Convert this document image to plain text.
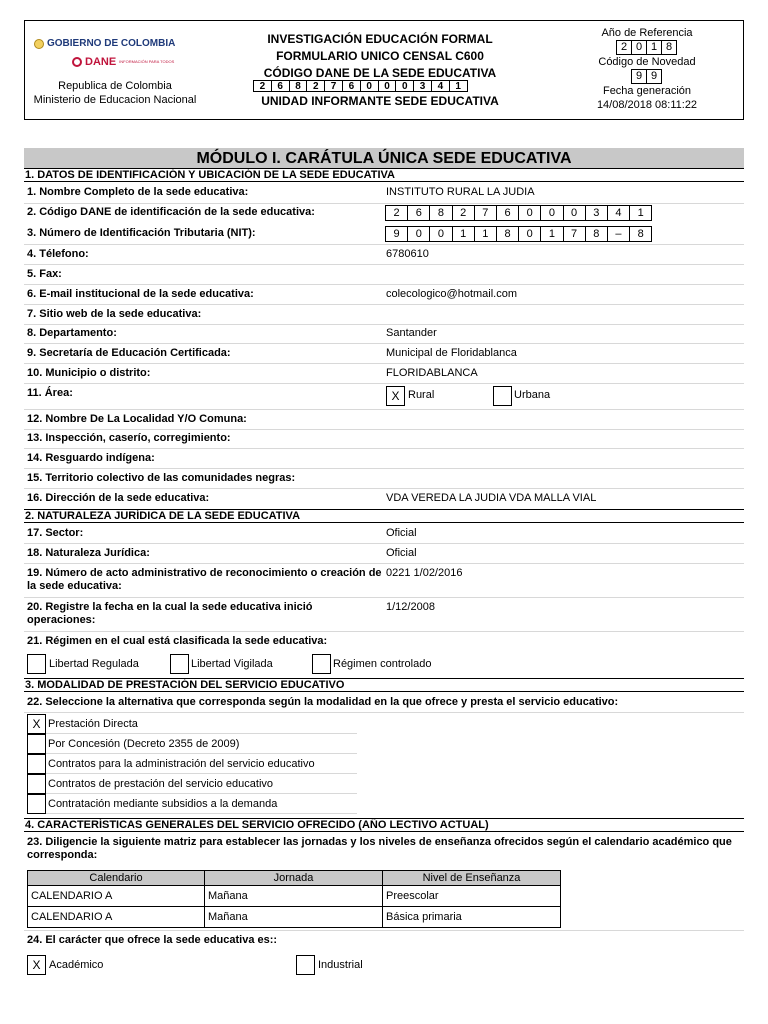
GOBIERNO DE COLOMBIA
DANE INFORMACIÓN PARA TODOS
Republica de Colombia
Ministerio de Educacion Nacional
INVESTIGACIÓN EDUCACIÓN FORMAL
FORMULARIO UNICO CENSAL C600
CÓDIGO DANE DE LA SEDE EDUCATIVA
2	6	8	2	7	6	0	0	0	3	4	1
UNIDAD INFORMANTE SEDE EDUCATIVA
Año de Referencia
2 0 1 8
Código de Novedad
9 9
Fecha generación
14/08/2018 08:11:22
MÓDULO I. CARÁTULA ÚNICA SEDE EDUCATIVA
1. DATOS DE IDENTIFICACIÓN Y UBICACIÓN DE LA SEDE EDUCATIVA
1. Nombre Completo de la sede educativa:	INSTITUTO RURAL LA JUDIA
2. Código DANE de identificación de la sede educativa:	2	6	8	2	7	6	0	0	0	3	4	1
3. Número de Identificación Tributaria (NIT):	9	0	0	1	1	8	0	1	7	8	–	8
4. Télefono:	6780610
5. Fax:
6. E-mail institucional de la sede educativa:	colecologico@hotmail.com
7. Sitio web de la sede educativa:
8. Departamento:	Santander
9. Secretaría de Educación Certificada:	Municipal de Floridablanca
10. Municipio o distrito:	FLORIDABLANCA
11. Área:	X Rural	Urbana
12. Nombre De La Localidad Y/O Comuna:
13. Inspección, caserío, corregimiento:
14. Resguardo indígena:
15. Territorio colectivo de las comunidades negras:
16. Dirección de la sede educativa:	VDA VEREDA LA JUDIA VDA MALLA VIAL
2. NATURALEZA JURÍDICA DE LA SEDE EDUCATIVA
17. Sector:	Oficial
18. Naturaleza Jurídica:	Oficial
19. Número de acto administrativo de reconocimiento o creación de la sede educativa:
0221 1/02/2016
20. Registre la fecha en la cual la sede educativa inició operaciones:
1/12/2008
21. Régimen en el cual está clasificada la sede educativa:
Libertad Regulada	Libertad Vigilada	Régimen controlado
3. MODALIDAD DE PRESTACIÓN DEL SERVICIO EDUCATIVO
22. Seleccione la alternativa que corresponda según la modalidad en la que ofrece y presta el servicio educativo:
X Prestación Directa
Por Concesión (Decreto 2355 de 2009)
Contratos para la administración del servicio educativo
Contratos de prestación del servicio educativo
Contratación mediante subsidios a la demanda
4. CARACTERÍSTICAS GENERALES DEL SERVICIO OFRECIDO (AÑO LECTIVO ACTUAL)
23. Diligencie la siguiente matriz para establecer las jornadas y los niveles de enseñanza ofrecidos según el calendario académico que corresponda:
Calendario	Jornada	Nivel de Enseñanza
CALENDARIO A	Mañana	Preescolar
CALENDARIO A	Mañana	Básica primaria
24. El carácter que ofrece la sede educativa es::
X Académico	Industrial
